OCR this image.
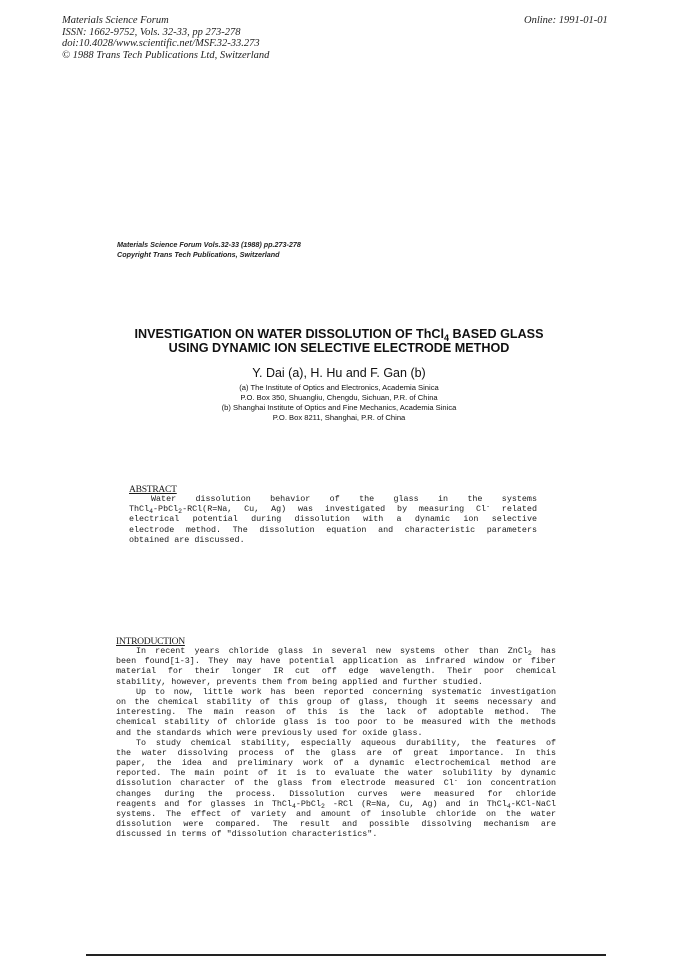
Materials Science Forum
ISSN: 1662-9752, Vols. 32-33, pp 273-278
doi:10.4028/www.scientific.net/MSF.32-33.273
© 1988 Trans Tech Publications Ltd, Switzerland
Online: 1991-01-01
Materials Science Forum Vols.32-33 (1988) pp.273-278
Copyright Trans Tech Publications, Switzerland
INVESTIGATION ON WATER DISSOLUTION OF ThCl$_4$ BASED GLASS
USING DYNAMIC ION SELECTIVE ELECTRODE METHOD
Y. Dai (a), H. Hu and F. Gan (b)
(a) The Institute of Optics and Electronics, Academia Sinica
P.O. Box 350, Shuangliu, Chengdu, Sichuan, P.R. of China
(b) Shanghai Institute of Optics and Fine Mechanics, Academia Sinica
P.O. Box 8211, Shanghai, P.R. of China
ABSTRACT
Water dissolution behavior of the glass in the systems
ThCl$_4$-PbCl$_2$-RCl(R=Na, Cu, Ag) was investigated by measuring Cl- related
electrical potential during dissolution with a dynamic ion selective
electrode method. The dissolution equation and characteristic parameters
obtained are discussed.
INTRODUCTION
In recent years chloride glass in several new systems other than ZnCl$_2$ has
been found[1-3]. They may have potential application as infrared window or fiber
material for their longer IR cut off edge wavelength. Their poor chemical
stability, however, prevents them from being applied and further studied.
Up to now, little work has been reported concerning systematic investigation
on the chemical stability of this group of glass, though it seems necessary and
interesting. The main reason of this is the lack of adoptable method. The
chemical stability of chloride glass is too poor to be measured with the methods
and the standards which were previously used for oxide glass.
To study chemical stability, especially aqueous durability, the features of
the water dissolving process of the glass are of great importance. In this
paper, the idea and preliminary work of a dynamic electrochemical method are
reported. The main point of it is to evaluate the water solubility by dynamic
dissolution character of the glass from electrode measured Cl- ion concentration
changes during the process. Dissolution curves were measured for chloride
reagents and for glasses in ThCl$_4$-PbCl$_2$ -RCl (R=Na, Cu, Ag) and in ThCl$_4$-KCl-NaCl
systems. The effect of variety and amount of insoluble chloride on the water
dissolution were compared. The result and possible dissolving mechanism are
discussed in terms of "dissolution characteristics".
